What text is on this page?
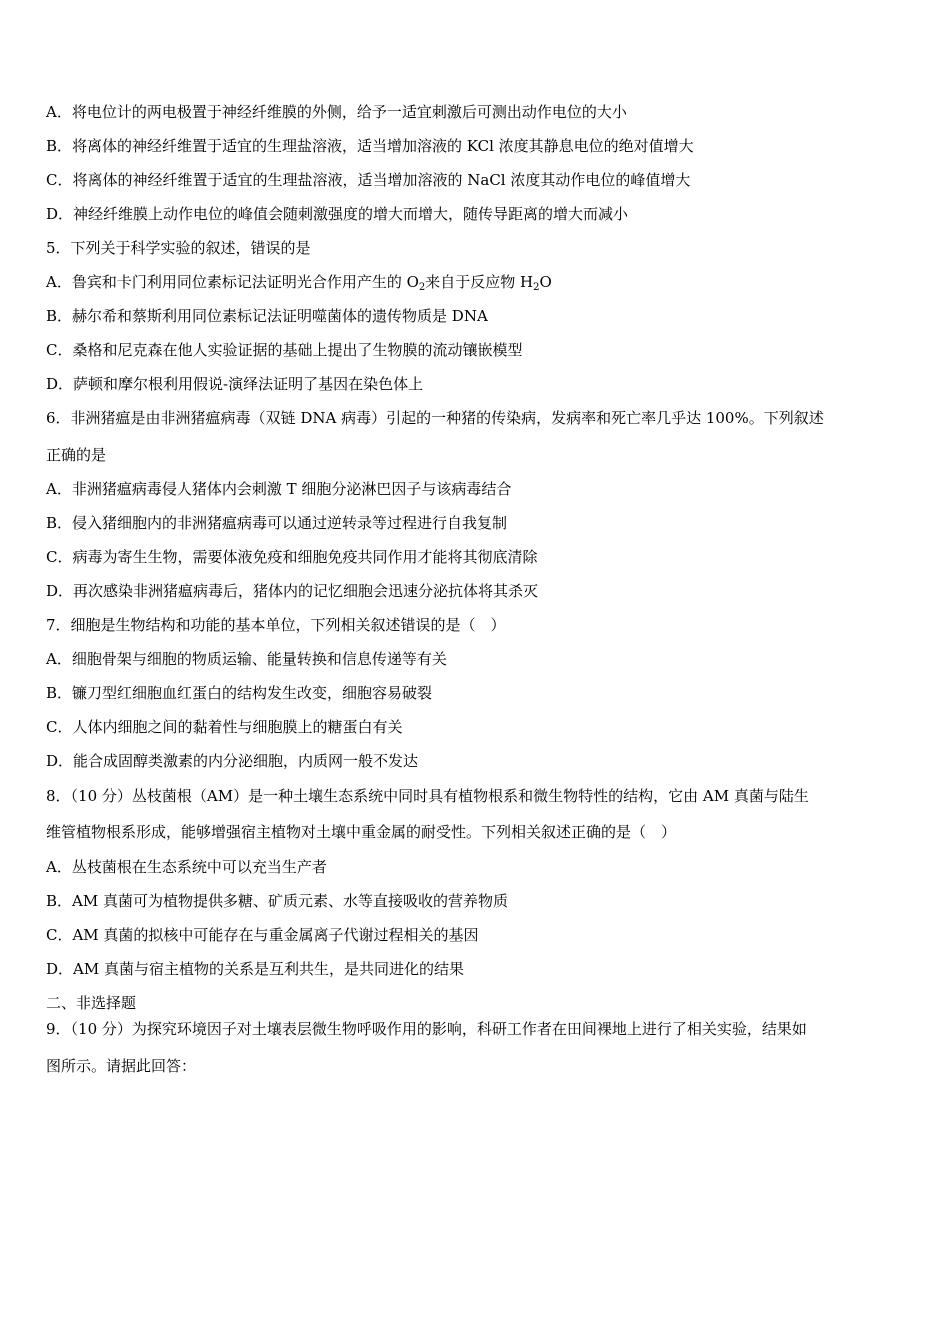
A．将电位计的两电极置于神经纤维膜的外侧，给予一适宜刺激后可测出动作电位的大小
B．将离体的神经纤维置于适宜的生理盐溶液，适当增加溶液的 KCl 浓度其静息电位的绝对值增大
C．将离体的神经纤维置于适宜的生理盐溶液，适当增加溶液的 NaCl 浓度其动作电位的峰值增大
D．神经纤维膜上动作电位的峰值会随刺激强度的增大而增大，随传导距离的增大而减小
5．下列关于科学实验的叙述，错误的是
A．鲁宾和卡门利用同位素标记法证明光合作用产生的 $O_2$来自于反应物 $H_2O$
B．赫尔希和蔡斯利用同位素标记法证明噬菌体的遗传物质是 DNA
C．桑格和尼克森在他人实验证据的基础上提出了生物膜的流动镶嵌模型
D．萨顿和摩尔根利用假说-演绎法证明了基因在染色体上
6．非洲猪瘟是由非洲猪瘟病毒（双链 DNA 病毒）引起的一种猪的传染病，发病率和死亡率几乎达 100%。下列叙述
正确的是
A．非洲猪瘟病毒侵人猪体内会刺激 T 细胞分泌淋巴因子与该病毒结合
B．侵入猪细胞内的非洲猪瘟病毒可以通过逆转录等过程进行自我复制
C．病毒为寄生生物，需要体液免疫和细胞免疫共同作用才能将其彻底清除
D．再次感染非洲猪瘟病毒后，猪体内的记忆细胞会迅速分泌抗体将其杀灭
7．细胞是生物结构和功能的基本单位，下列相关叙述错误的是（　）
A．细胞骨架与细胞的物质运输、能量转换和信息传递等有关
B．镰刀型红细胞血红蛋白的结构发生改变，细胞容易破裂
C．人体内细胞之间的黏着性与细胞膜上的糖蛋白有关
D．能合成固醇类激素的内分泌细胞，内质网一般不发达
8．（10 分）丛枝菌根（AM）是一种土壤生态系统中同时具有植物根系和微生物特性的结构，它由 AM 真菌与陆生
维管植物根系形成，能够增强宿主植物对土壤中重金属的耐受性。下列相关叙述正确的是（　）
A．丛枝菌根在生态系统中可以充当生产者
B．AM 真菌可为植物提供多糖、矿质元素、水等直接吸收的营养物质
C．AM 真菌的拟核中可能存在与重金属离子代谢过程相关的基因
D．AM 真菌与宿主植物的关系是互利共生，是共同进化的结果
二、非选择题
9．（10 分）为探究环境因子对土壤表层微生物呼吸作用的影响，科研工作者在田间裸地上进行了相关实验，结果如
图所示。请据此回答：
